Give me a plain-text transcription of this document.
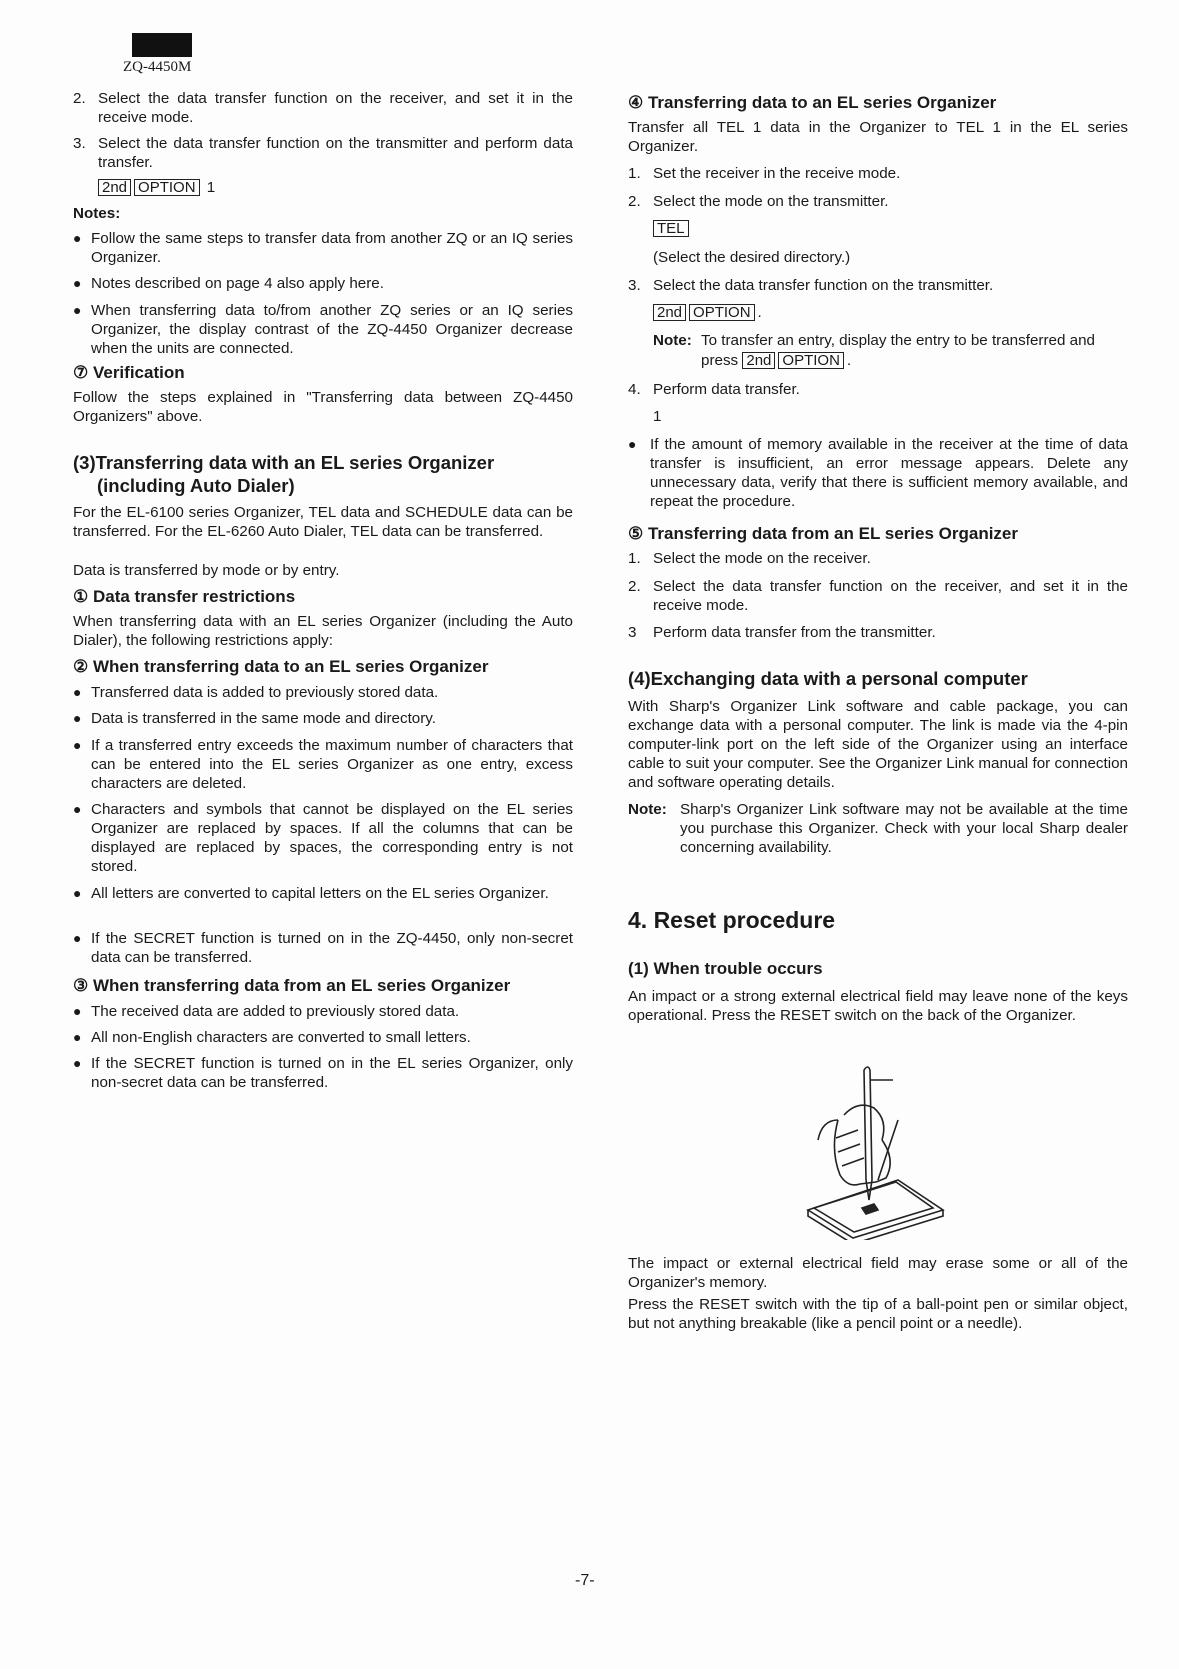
ZQ-4450M
2. Select the data transfer function on the receiver, and set it in the receive mode.
3. Select the data transfer function on the transmitter and perform data transfer.
2nd OPTION 1
Notes:
● Follow the same steps to transfer data from another ZQ or an IQ series Organizer.
● Notes described on page 4 also apply here.
● When transferring data to/from another ZQ series or an IQ series Organizer, the display contrast of the ZQ-4450 Organizer decrease when the units are connected.
⑦ Verification
Follow the steps explained in "Transferring data between ZQ-4450 Organizers" above.
(3)Transferring data with an EL series Organizer
(including Auto Dialer)
For the EL-6100 series Organizer, TEL data and SCHEDULE data can be transferred. For the EL-6260 Auto Dialer, TEL data can be transferred.
Data is transferred by mode or by entry.
① Data transfer restrictions
When transferring data with an EL series Organizer (including the Auto Dialer), the following restrictions apply:
② When transferring data to an EL series Organizer
● Transferred data is added to previously stored data.
● Data is transferred in the same mode and directory.
● If a transferred entry exceeds the maximum number of characters that can be entered into the EL series Organizer as one entry, excess characters are deleted.
● Characters and symbols that cannot be displayed on the EL series Organizer are replaced by spaces. If all the columns that can be displayed are replaced by spaces, the corresponding entry is not stored.
● All letters are converted to capital letters on the EL series Organizer.
● If the SECRET function is turned on in the ZQ-4450, only non-secret data can be transferred.
③ When transferring data from an EL series Organizer
● The received data are added to previously stored data.
● All non-English characters are converted to small letters.
● If the SECRET function is turned on in the EL series Organizer, only non-secret data can be transferred.
④ Transferring data to an EL series Organizer
Transfer all TEL 1 data in the Organizer to TEL 1 in the EL series Organizer.
1. Set the receiver in the receive mode.
2. Select the mode on the transmitter.
TEL
(Select the desired directory.)
3. Select the data transfer function on the transmitter.
2nd OPTION .
Note: To transfer an entry, display the entry to be transferred and
press 2nd OPTION .
4. Perform data transfer.
1
● If the amount of memory available in the receiver at the time of data transfer is insufficient, an error message appears. Delete any unnecessary data, verify that there is sufficient memory available, and repeat the procedure.
⑤ Transferring data from an EL series Organizer
1. Select the mode on the receiver.
2. Select the data transfer function on the receiver, and set it in the receive mode.
3 Perform data transfer from the transmitter.
(4)Exchanging data with a personal computer
With Sharp's Organizer Link software and cable package, you can exchange data with a personal computer. The link is made via the 4-pin computer-link port on the left side of the Organizer using an interface cable to suit your computer. See the Organizer Link manual for connection and software operating details.
Note: Sharp's Organizer Link software may not be available at the time you purchase this Organizer. Check with your local Sharp dealer concerning availability.
4. Reset procedure
(1) When trouble occurs
An impact or a strong external electrical field may leave none of the keys operational. Press the RESET switch on the back of the Organizer.
The impact or external electrical field may erase some or all of the Organizer's memory.
Press the RESET switch with the tip of a ball-point pen or similar object, but not anything breakable (like a pencil point or a needle).
-7-
